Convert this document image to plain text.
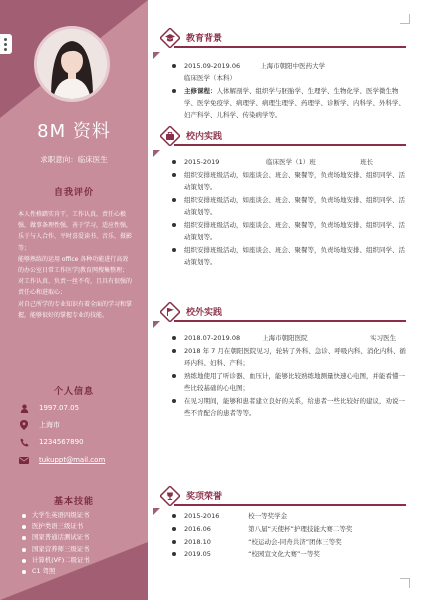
8M 资料
求职意向：临床医生
自我评价

本人性格踏实肯干，工作认真，责任心极强，做事条理性强，善于学习，适应性强，乐于与人合作，平时喜爱读书、音乐、摄影等；

能够熟练的运用 office 各种功能进行高效的办公室日常工作医学|教育网搜集整理；

对工作认真、负责一丝不苟，且具有很强的责任心和进取心；

对自己所学的专业知识有着全面的学习和掌握，能够很好的掌握专业的技能。

个人信息
1997.07.05
上海市
1234567890
tukuppt@mail.com
基本技能
大学生英语四级证书
医护类语三级证书
国家普通话测试证书
国家营养师三级证书
计算机(VF)二级证书
C1 驾照
教育背景
2015.09-2019.06	上海市朝阳中医药大学 临床医学（本科）
主修课程：人体解剖学、组织学与胚胎学、生理学、生物化学、医学微生物学、医学免疫学、病理学、病理生理学、药理学、诊断学、内科学、外科学、妇产科学、儿科学、传染病学等。
校内实践
2015-2019	临床医学（1）班	班长
组织安排班级活动，如座谈会、班会、聚餐等，负责场地安排、组织同学、活动策划等。
组织安排班级活动，如座谈会、班会、聚餐等，负责场地安排、组织同学、活动策划等。
组织安排班级活动，如座谈会、班会、聚餐等，负责场地安排、组织同学、活动策划等。
组织安排班级活动，如座谈会、班会、聚餐等，负责场地安排、组织同学、活动策划等。
校外实践
2018.07-2019.08	上海市朝阳医院	实习医生
2018 年 7 月在朝阳医院见习，轮转了外科、急诊、呼吸内科、消化内科、循环内科、妇科、产科；
熟练地使用了听诊器、血压计，能够比较熟练地测量快速心电图，并能看懂一些比较基础的心电图；
在见习期间，能够和患者建立良好的关系，给患者一些比较好的建议，劝说一些不肯配合的患者等等。
奖项荣誉
2015-2016	校一等奖学金
2016.06	第八届“天使杯”护理技能大赛二等奖
2018.10	“校运动会-同舟共济”团体三等奖
2019.05	“校园宣文化大赛”一等奖
